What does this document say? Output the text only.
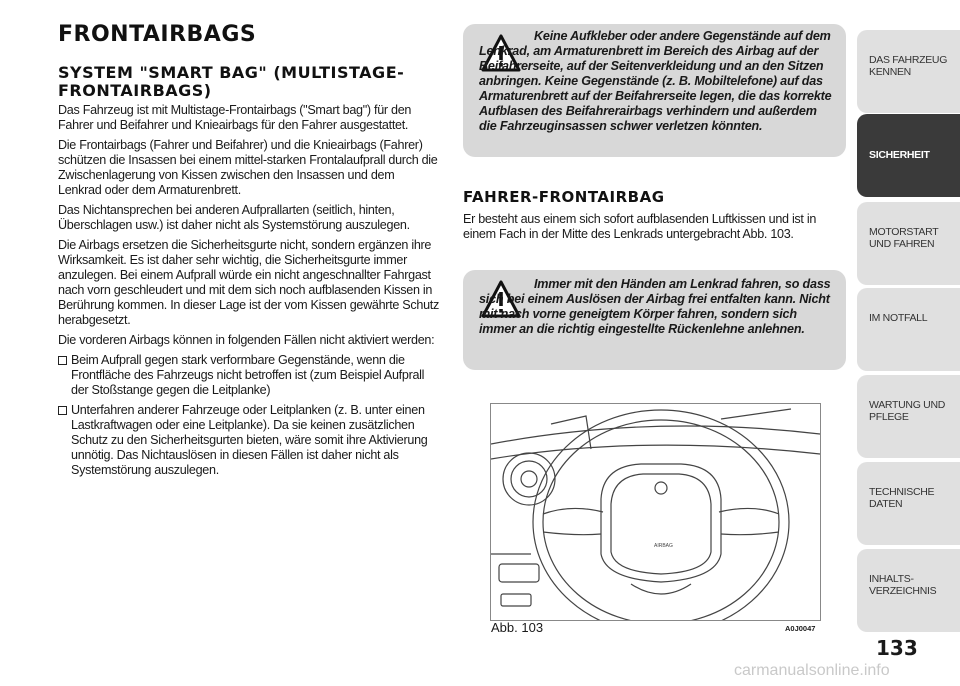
FRONTAIRBAGS
SYSTEM "SMART BAG" (MULTISTAGE-FRONTAIRBAGS)

Das Fahrzeug ist mit Multistage-Frontairbags ("Smart bag") für den Fahrer und Beifahrer und Knieairbags für den Fahrer ausgestattet.

Die Frontairbags (Fahrer und Beifahrer) und die Knieairbags (Fahrer) schützen die Insassen bei einem mittel-starken Frontalaufprall durch die Zwischenlagerung von Kissen zwischen den Insassen und dem Lenkrad oder dem Armaturenbrett.

Das Nichtansprechen bei anderen Aufprallarten (seitlich, hinten, Überschlagen usw.) ist daher nicht als Systemstörung auszulegen.

Die Airbags ersetzen die Sicherheitsgurte nicht, sondern ergänzen ihre Wirksamkeit. Es ist daher sehr wichtig, die Sicherheitsgurte immer anzulegen. Bei einem Aufprall würde ein nicht angeschnallter Fahrgast nach vorn geschleudert und mit dem sich noch aufblasenden Kissen in Berührung kommen. In dieser Lage ist der vom Kissen gewährte Schutz herabgesetzt.

Die vorderen Airbags können in folgenden Fällen nicht aktiviert werden:

Beim Aufprall gegen stark verformbare Gegenstände, wenn die Frontfläche des Fahrzeugs nicht betroffen ist (zum Beispiel Aufprall der Stoßstange gegen die Leitplanke)
Unterfahren anderer Fahrzeuge oder Leitplanken (z. B. unter einen Lastkraftwagen oder eine Leitplanke). Da sie keinen zusätzlichen Schutz zu den Sicherheitsgurten bieten, wäre somit ihre Aktivierung unnötig. Das Nichtauslösen in diesen Fällen ist daher nicht als Systemstörung auszulegen.
Keine Aufkleber oder andere Gegenstände auf dem Lenkrad, am Armaturenbrett im Bereich des Airbag auf der Beifahrerseite, auf der Seitenverkleidung und an den Sitzen anbringen. Keine Gegenstände (z. B. Mobiltelefone) auf das Armaturenbrett auf der Beifahrerseite legen, die das korrekte Aufblasen des Beifahrerairbags verhindern und außerdem die Fahrzeuginsassen schwer verletzen könnten.
FAHRER-FRONTAIRBAG

Er besteht aus einem sich sofort aufblasenden Luftkissen und ist in einem Fach in der Mitte des Lenkrads untergebracht Abb. 103.

Immer mit den Händen am Lenkrad fahren, so dass sich bei einem Auslösen der Airbag frei entfalten kann. Nicht mit nach vorne geneigtem Körper fahren, sondern sich immer an die richtig eingestellte Rückenlehne anlehnen.
AIRBAG
Abb. 103	A0J0047
DAS FAHRZEUG KENNEN
SICHERHEIT
MOTORSTART UND FAHREN
IM NOTFALL
WARTUNG UND PFLEGE
TECHNISCHE DATEN
INHALTS-VERZEICHNIS
133
carmanualsonline.info
